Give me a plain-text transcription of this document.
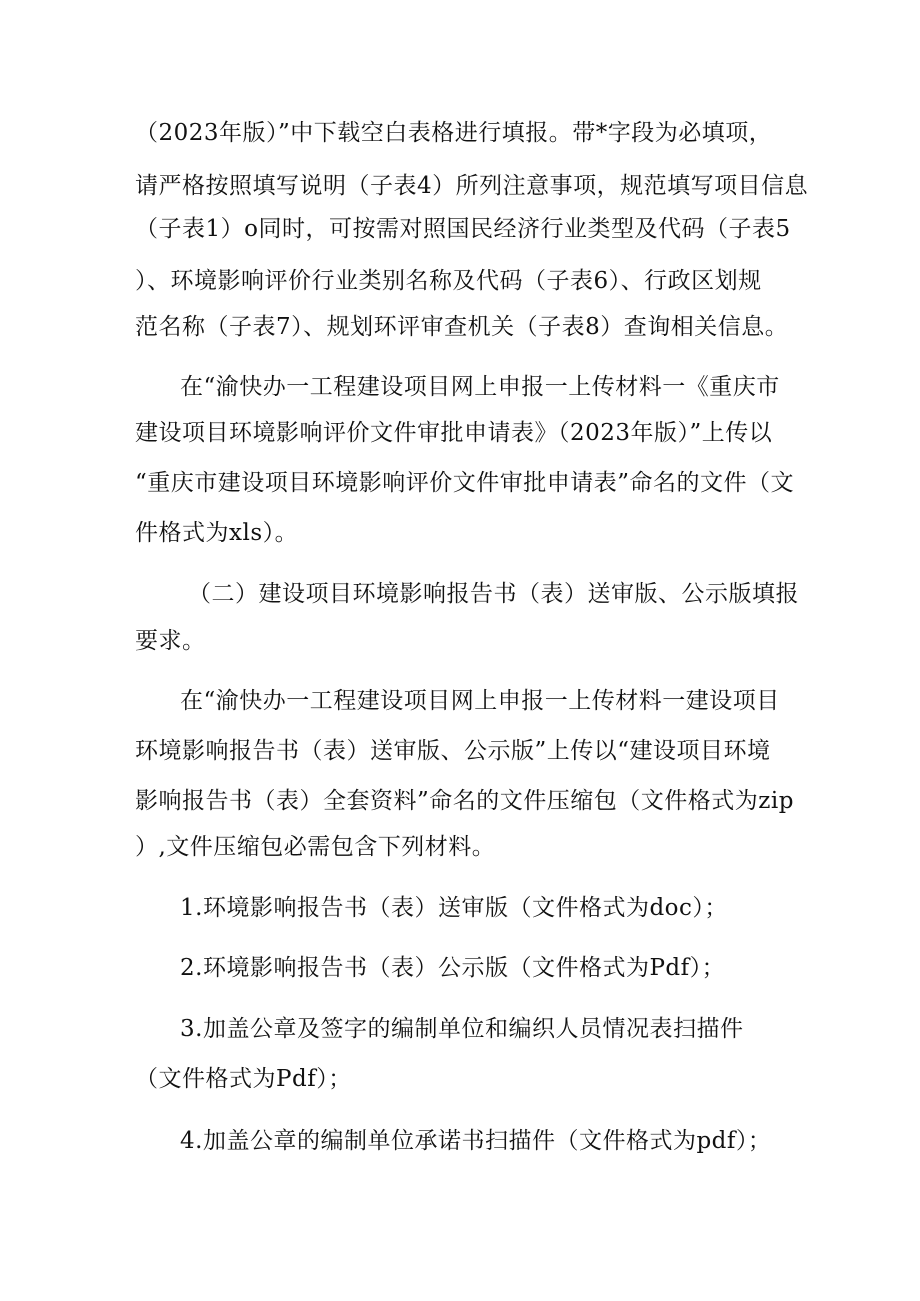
（2023年版）”中下载空白表格进行填报。带*字段为必填项，
请严格按照填写说明（子表4）所列注意事项，规范填写项目信息
（子表1）o同时，可按需对照国民经济行业类型及代码（子表5
）、环境影响评价行业类别名称及代码（子表6）、行政区划规
范名称（子表7）、规划环评审查机关（子表8）查询相关信息。
在“渝快办一工程建设项目网上申报一上传材料一《重庆市
建设项目环境影响评价文件审批申请表》（2023年版）”上传以
“重庆市建设项目环境影响评价文件审批申请表”命名的文件（文
件格式为xls）。
（二）建设项目环境影响报告书（表）送审版、公示版填报
要求。
在“渝快办一工程建设项目网上申报一上传材料一建设项目
环境影响报告书（表）送审版、公示版”上传以“建设项目环境
影响报告书（表）全套资料”命名的文件压缩包（文件格式为zip
）,文件压缩包必需包含下列材料。
1.环境影响报告书（表）送审版（文件格式为doc）；
2.环境影响报告书（表）公示版（文件格式为Pdf）；
3.加盖公章及签字的编制单位和编织人员情况表扫描件
（文件格式为Pdf）；
4.加盖公章的编制单位承诺书扫描件（文件格式为pdf）；
